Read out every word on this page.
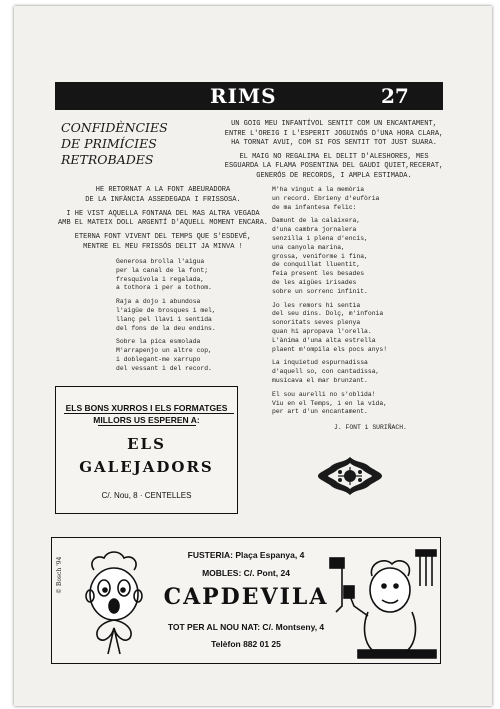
RIMS	27
CONFIDÈNCIES
DE PRIMÍCIES
RETROBADES
UN GOIG MEU INFANTÍVOL SENTIT COM UN ENCANTAMENT,
ENTRE L'OREIG I L'ESPERIT JOGUINÓS D'UNA HORA CLARA,
HA TORNAT AVUI, COM SI FOS SENTIT TOT JUST SUARA.
EL MAIG NO REGALIMA EL DELIT D'ALESHORES, MES
ESGUARDA LA FLAMA POSENTINA DEL GAUDI QUIET,RECERAT,
GENERÓS DE RECORDS, I AMPLA ESTIMADA.
HE RETORNAT A LA FONT ABEURADORA
DE LA INFÀNCIA ASSEDEGADA I FRISSOSA.
I HE VIST AQUELLA FONTANA DEL MAS ALTRA VEGADA
AMB EL MATEIX DOLL ARGENTÍ D'AQUELL MOMENT ENCARA.
ETERNA FONT VIVENT DEL TEMPS QUE S'ESDEVÉ,
MENTRE EL MEU FRISSÓS DELIT JA MINVA !
Generosa brolla l'aigua
per la canal de la font;
fresquívola i regalada,
a tothora i per a tothom.
Raja a dojo i abundosa
l'aigüe de brosques i mel,
llanç pel llavi i sentida
del fons de la deu endins.
Sobre la pica esmolada
M'arrapenjo un altre cop,
i doblegant-me xarrupo
del vessant i del record.
M'ha vingut a la memòria
un record. Ebrieny d'eufòria
de ma infantesa felic:
Damunt de la calaixera,
d'una cambra jornalera
senzilla i plena d'encís,
una canyola marina,
grossa, veniforme i fina,
de conquillat lluentit,
feia present les besades
de les aigües irisades
sobre un sorrenc infinit.
Jo les remors hi sentia
del seu dins. Dolç, m'infonia
sonoritats seves plenya
quan hi apropava l'orella.
L'ànima d'una alta estrella
plaent m'ompila els pocs anys!
La inquietud espurnadissa
d'aquell so, con cantadissa,
musicava el mar brunzant.
El sou aurelli no s'oblida!
Viu en el Temps, i en la vida,
per art d'un encantament.
J. FONT i SURIÑACH.
ELS BONS XURROS I ELS FORMATGES
MILLORS US ESPEREN A:
ELS
GALEJADORS
C/. Nou, 8 · CENTELLES
© Bosch '94
FUSTERIA: Plaça Espanya, 4
MOBLES: C/. Pont, 24
CAPDEVILA
TOT PER AL NOU NAT: C/. Montseny, 4
Telèfon 882 01 25
